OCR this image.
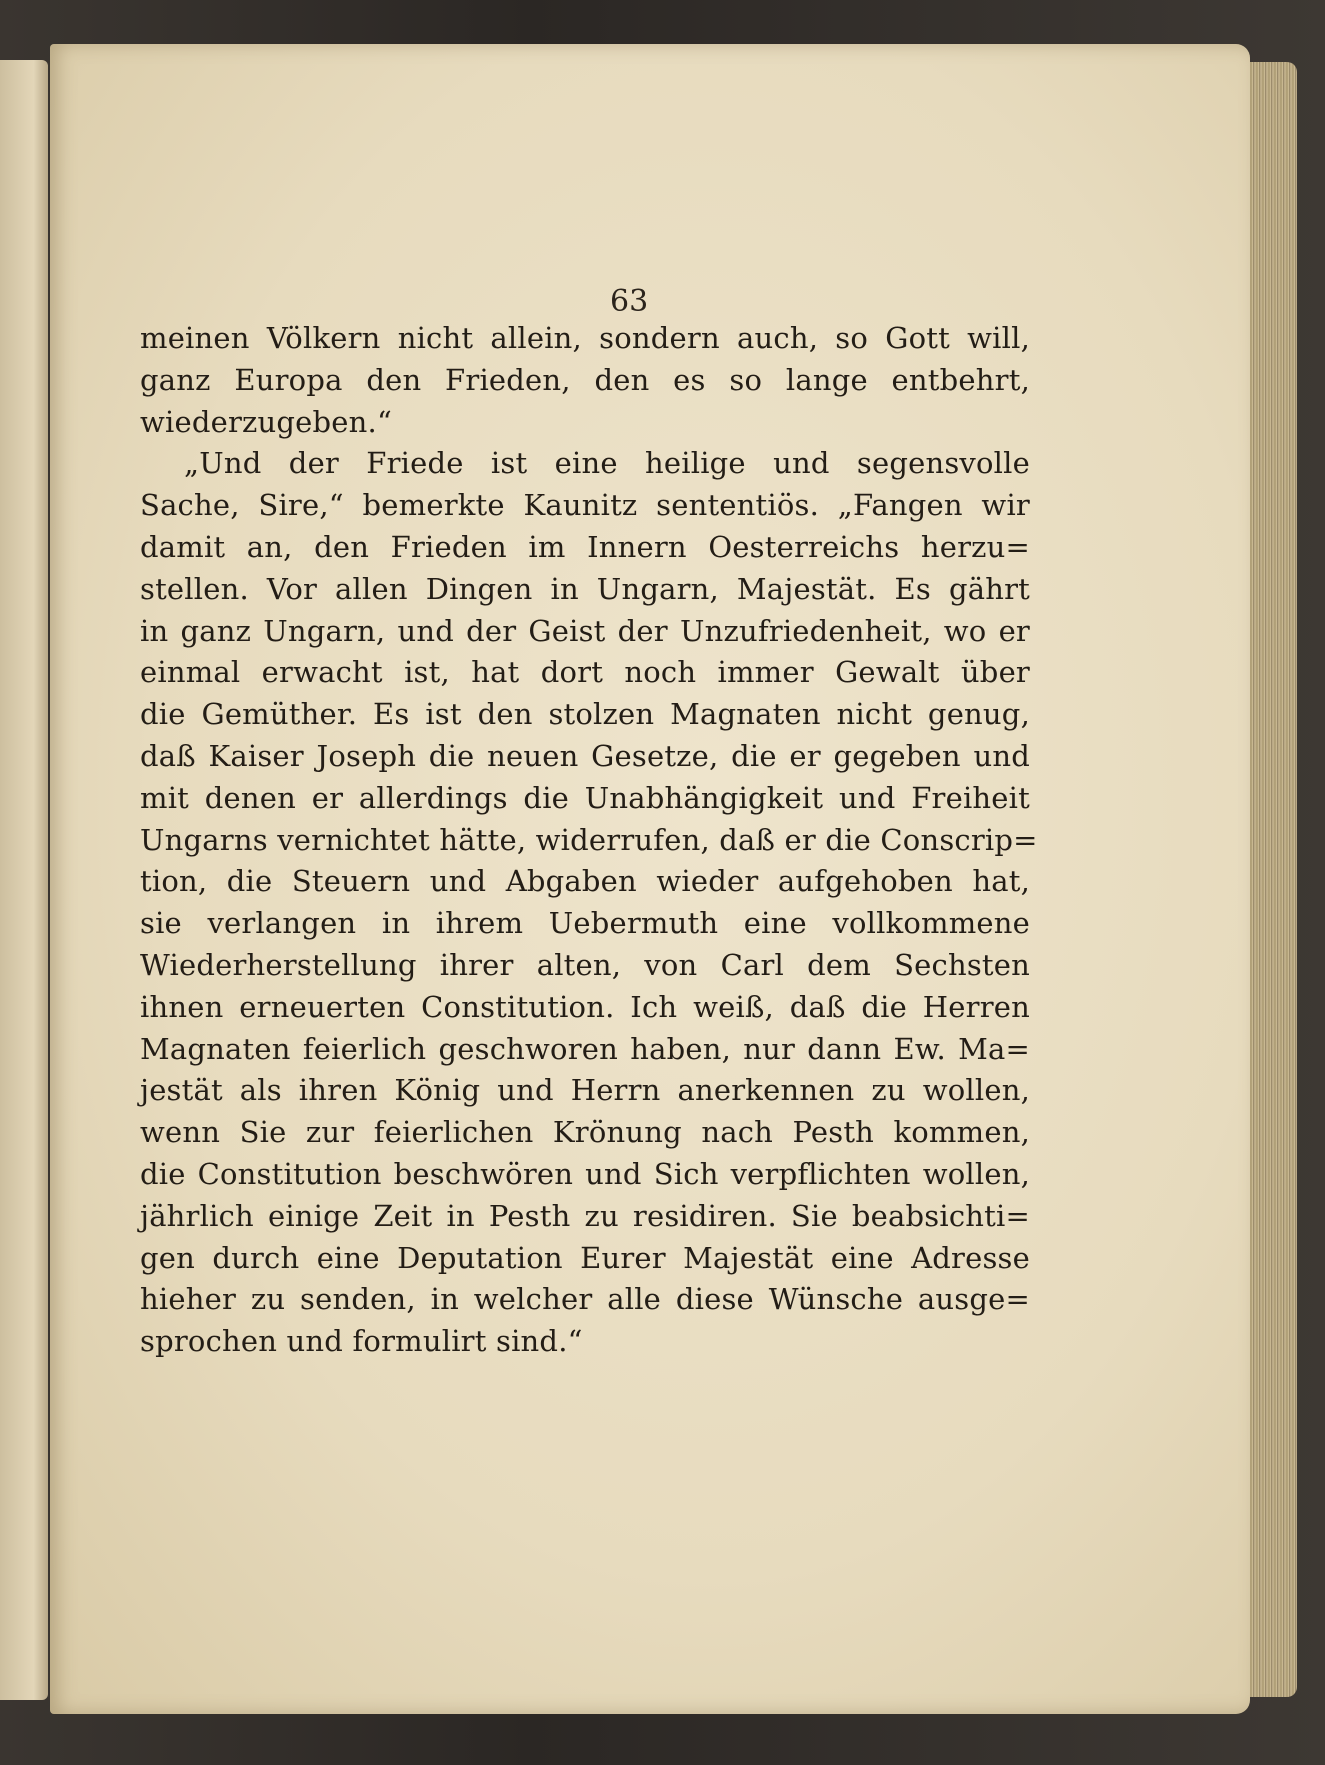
63
meinen Völkern nicht allein, sondern auch, so Gott will,
ganz Europa den Frieden, den es so lange entbehrt,
wiederzugeben.“
„Und der Friede ist eine heilige und segensvolle
Sache, Sire,“ bemerkte Kaunitz sententiös. „Fangen wir
damit an, den Frieden im Innern Oesterreichs herzu=
stellen. Vor allen Dingen in Ungarn, Majestät. Es gährt
in ganz Ungarn, und der Geist der Unzufriedenheit, wo er
einmal erwacht ist, hat dort noch immer Gewalt über
die Gemüther. Es ist den stolzen Magnaten nicht genug,
daß Kaiser Joseph die neuen Gesetze, die er gegeben und
mit denen er allerdings die Unabhängigkeit und Freiheit
Ungarns vernichtet hätte, widerrufen, daß er die Conscrip=
tion, die Steuern und Abgaben wieder aufgehoben hat,
sie verlangen in ihrem Uebermuth eine vollkommene
Wiederherstellung ihrer alten, von Carl dem Sechsten
ihnen erneuerten Constitution. Ich weiß, daß die Herren
Magnaten feierlich geschworen haben, nur dann Ew. Ma=
jestät als ihren König und Herrn anerkennen zu wollen,
wenn Sie zur feierlichen Krönung nach Pesth kommen,
die Constitution beschwören und Sich verpflichten wollen,
jährlich einige Zeit in Pesth zu residiren. Sie beabsichti=
gen durch eine Deputation Eurer Majestät eine Adresse
hieher zu senden, in welcher alle diese Wünsche ausge=
sprochen und formulirt sind.“
